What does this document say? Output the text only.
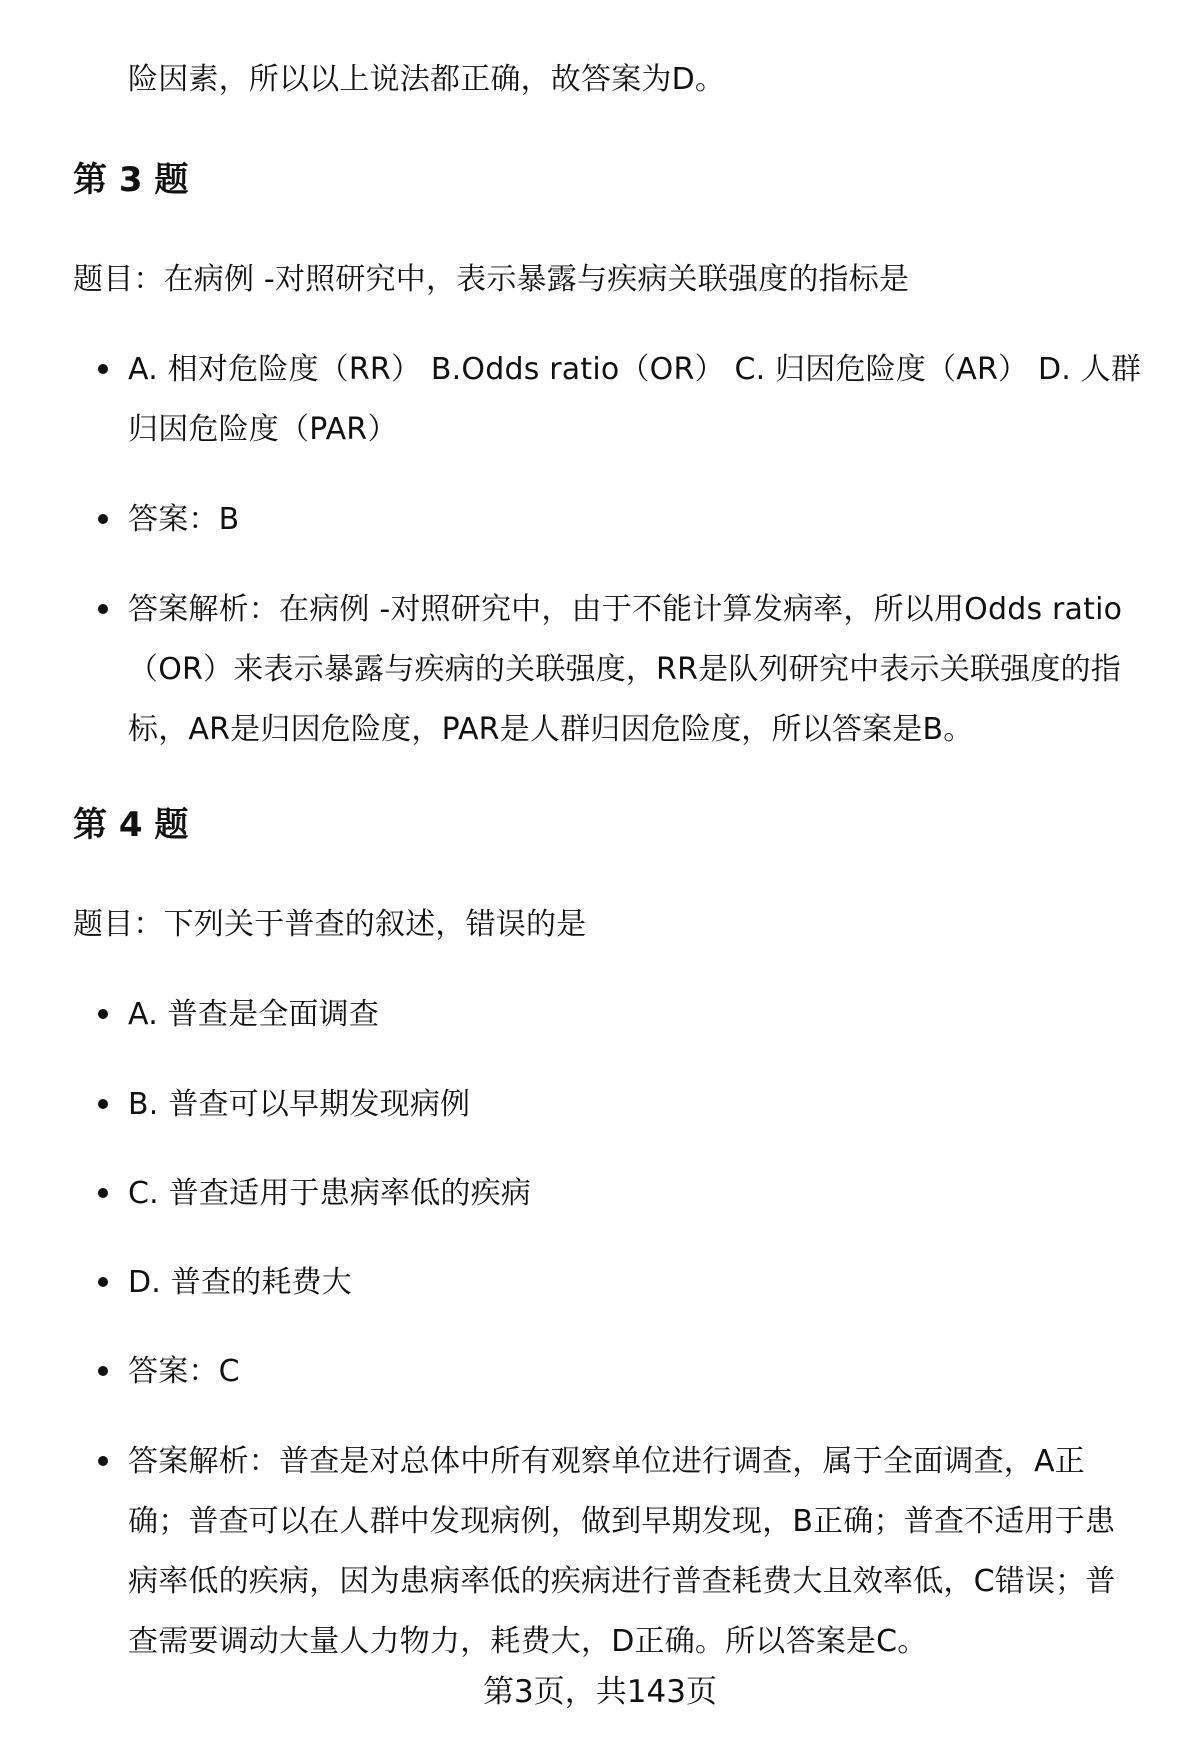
险因素，所以以上说法都正确，故答案为D。
第 3 题
题目：在病例 -对照研究中，表示暴露与疾病关联强度的指标是
A. 相对危险度（RR） B.Odds ratio（OR） C. 归因危险度（AR） D. 人群归因危险度（PAR）
答案：B
答案解析：在病例 -对照研究中，由于不能计算发病率，所以用Odds ratio（OR）来表示暴露与疾病的关联强度，RR是队列研究中表示关联强度的指标，AR是归因危险度，PAR是人群归因危险度，所以答案是B。
第 4 题
题目：下列关于普查的叙述，错误的是
A. 普查是全面调查
B. 普查可以早期发现病例
C. 普查适用于患病率低的疾病
D. 普查的耗费大
答案：C
答案解析：普查是对总体中所有观察单位进行调查，属于全面调查，A正确；普查可以在人群中发现病例，做到早期发现，B正确；普查不适用于患病率低的疾病，因为患病率低的疾病进行普查耗费大且效率低，C错误；普查需要调动大量人力物力，耗费大，D正确。所以答案是C。
第3页，共143页
